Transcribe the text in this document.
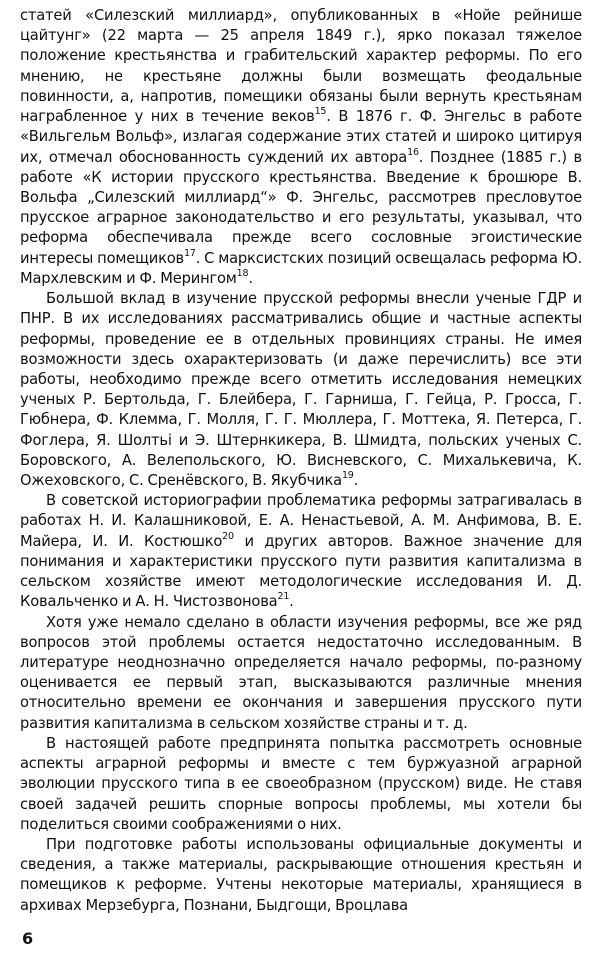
статей «Силезский миллиард», опубликованных в «Нойе рейнише цайтунг» (22 марта — 25 апреля 1849 г.), ярко показал тяжелое положение крестьянства и грабительский характер реформы. По его мнению, не крестьяне должны были возмещать феодальные повинности, а, напротив, помещики обязаны были вернуть крестьянам награбленное у них в течение веков$^{15}$. В 1876 г. Ф. Энгельс в работе «Вильгельм Вольф», излагая содержание этих статей и широко цитируя их, отмечал обоснованность суждений их автора$^{16}$. Позднее (1885 г.) в работе «К истории прусского крестьянства. Введение к брошюре В. Вольфа „Силезский миллиард“» Ф. Энгельс, рассмотрев пресловутое прусское аграрное законодательство и его результаты, указывал, что реформа обеспечивала прежде всего сословные эгоистические интересы помещиков$^{17}$. С марксистских позиций освещалась реформа Ю. Мархлевским и Ф. Мерингом$^{18}$.

Большой вклад в изучение прусской реформы внесли ученые ГДР и ПНР. В их исследованиях рассматривались общие и частные аспекты реформы, проведение ее в отдельных провинциях страны. Не имея возможности здесь охарактеризовать (и даже перечислить) все эти работы, необходимо прежде всего отметить исследования немецких ученых Р. Бертольда, Г. Блейбера, Г. Гарниша, Г. Гейца, Р. Гросса, Г. Гюбнера, Ф. Клемма, Г. Молля, Г. Г. Мюллера, Г. Моттека, Я. Петерса, Г. Фоглера, Я. Шолтьі и Э. Штернкикера, В. Шмидта, польских ученых С. Боровского, А. Велепольского, Ю. Висневского, С. Михалькевича, К. Ожеховского, С. Сренёвского, В. Якубчика$^{19}$.

В советской историографии проблематика реформы затрагивалась в работах Н. И. Калашниковой, Е. А. Ненастьевой, А. М. Анфимова, В. Е. Майера, И. И. Костюшко$^{20}$ и других авторов. Важное значение для понимания и характеристики прусского пути развития капитализма в сельском хозяйстве имеют методологические исследования И. Д. Ковальченко и А. Н. Чистозвонова$^{21}$.

Хотя уже немало сделано в области изучения реформы, все же ряд вопросов этой проблемы остается недостаточно исследованным. В литературе неоднозначно определяется начало реформы, по-разному оценивается ее первый этап, высказываются различные мнения относительно времени ее окончания и завершения прусского пути развития капитализма в сельском хозяйстве страны и т. д.

В настоящей работе предпринята попытка рассмотреть основные аспекты аграрной реформы и вместе с тем буржуазной аграрной эволюции прусского типа в ее своеобразном (прусском) виде. Не ставя своей задачей решить спорные вопросы проблемы, мы хотели бы поделиться своими соображениями о них.

При подготовке работы использованы официальные документы и сведения, а также материалы, раскрывающие отношения крестьян и помещиков к реформе. Учтены некоторые материалы, хранящиеся в архивах Мерзебурга, Познани, Быдгощи, Вроцлава

6
